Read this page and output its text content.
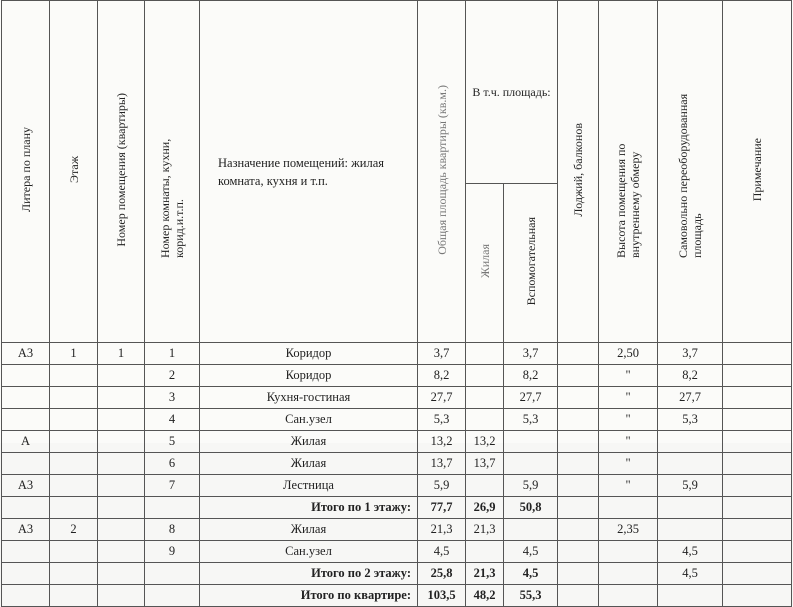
Литера по плану	Этаж	Номер помещения (квартиры)	Номер комнаты, кухни, корид.и.т.п.	Назначение помещений: жилая комната, кухня и т.п.	Общая площадь квартиры (кв.м.)	В т.ч. площадь:		Лоджий, балконов	Высота помещения по внутреннему обмеру	Самовольно переоборудованная площадь	Примечание
						Жилая	Вспомогательная				
А3	1	1	1	Коридор	3,7		3,7		2,50	3,7	
			2	Коридор	8,2		8,2		"	8,2	
			3	Кухня-гостиная	27,7		27,7		"	27,7	
			4	Сан.узел	5,3		5,3		"	5,3	
А			5	Жилая	13,2	13,2			"		
			6	Жилая	13,7	13,7			"		
А3			7	Лестница	5,9		5,9		"	5,9	
				Итого по 1 этажу:	77,7	26,9	50,8				
А3	2		8	Жилая	21,3	21,3			2,35		
			9	Сан.узел	4,5		4,5			4,5	
				Итого по 2 этажу:	25,8	21,3	4,5			4,5	
				Итого по квартире:	103,5	48,2	55,3				
